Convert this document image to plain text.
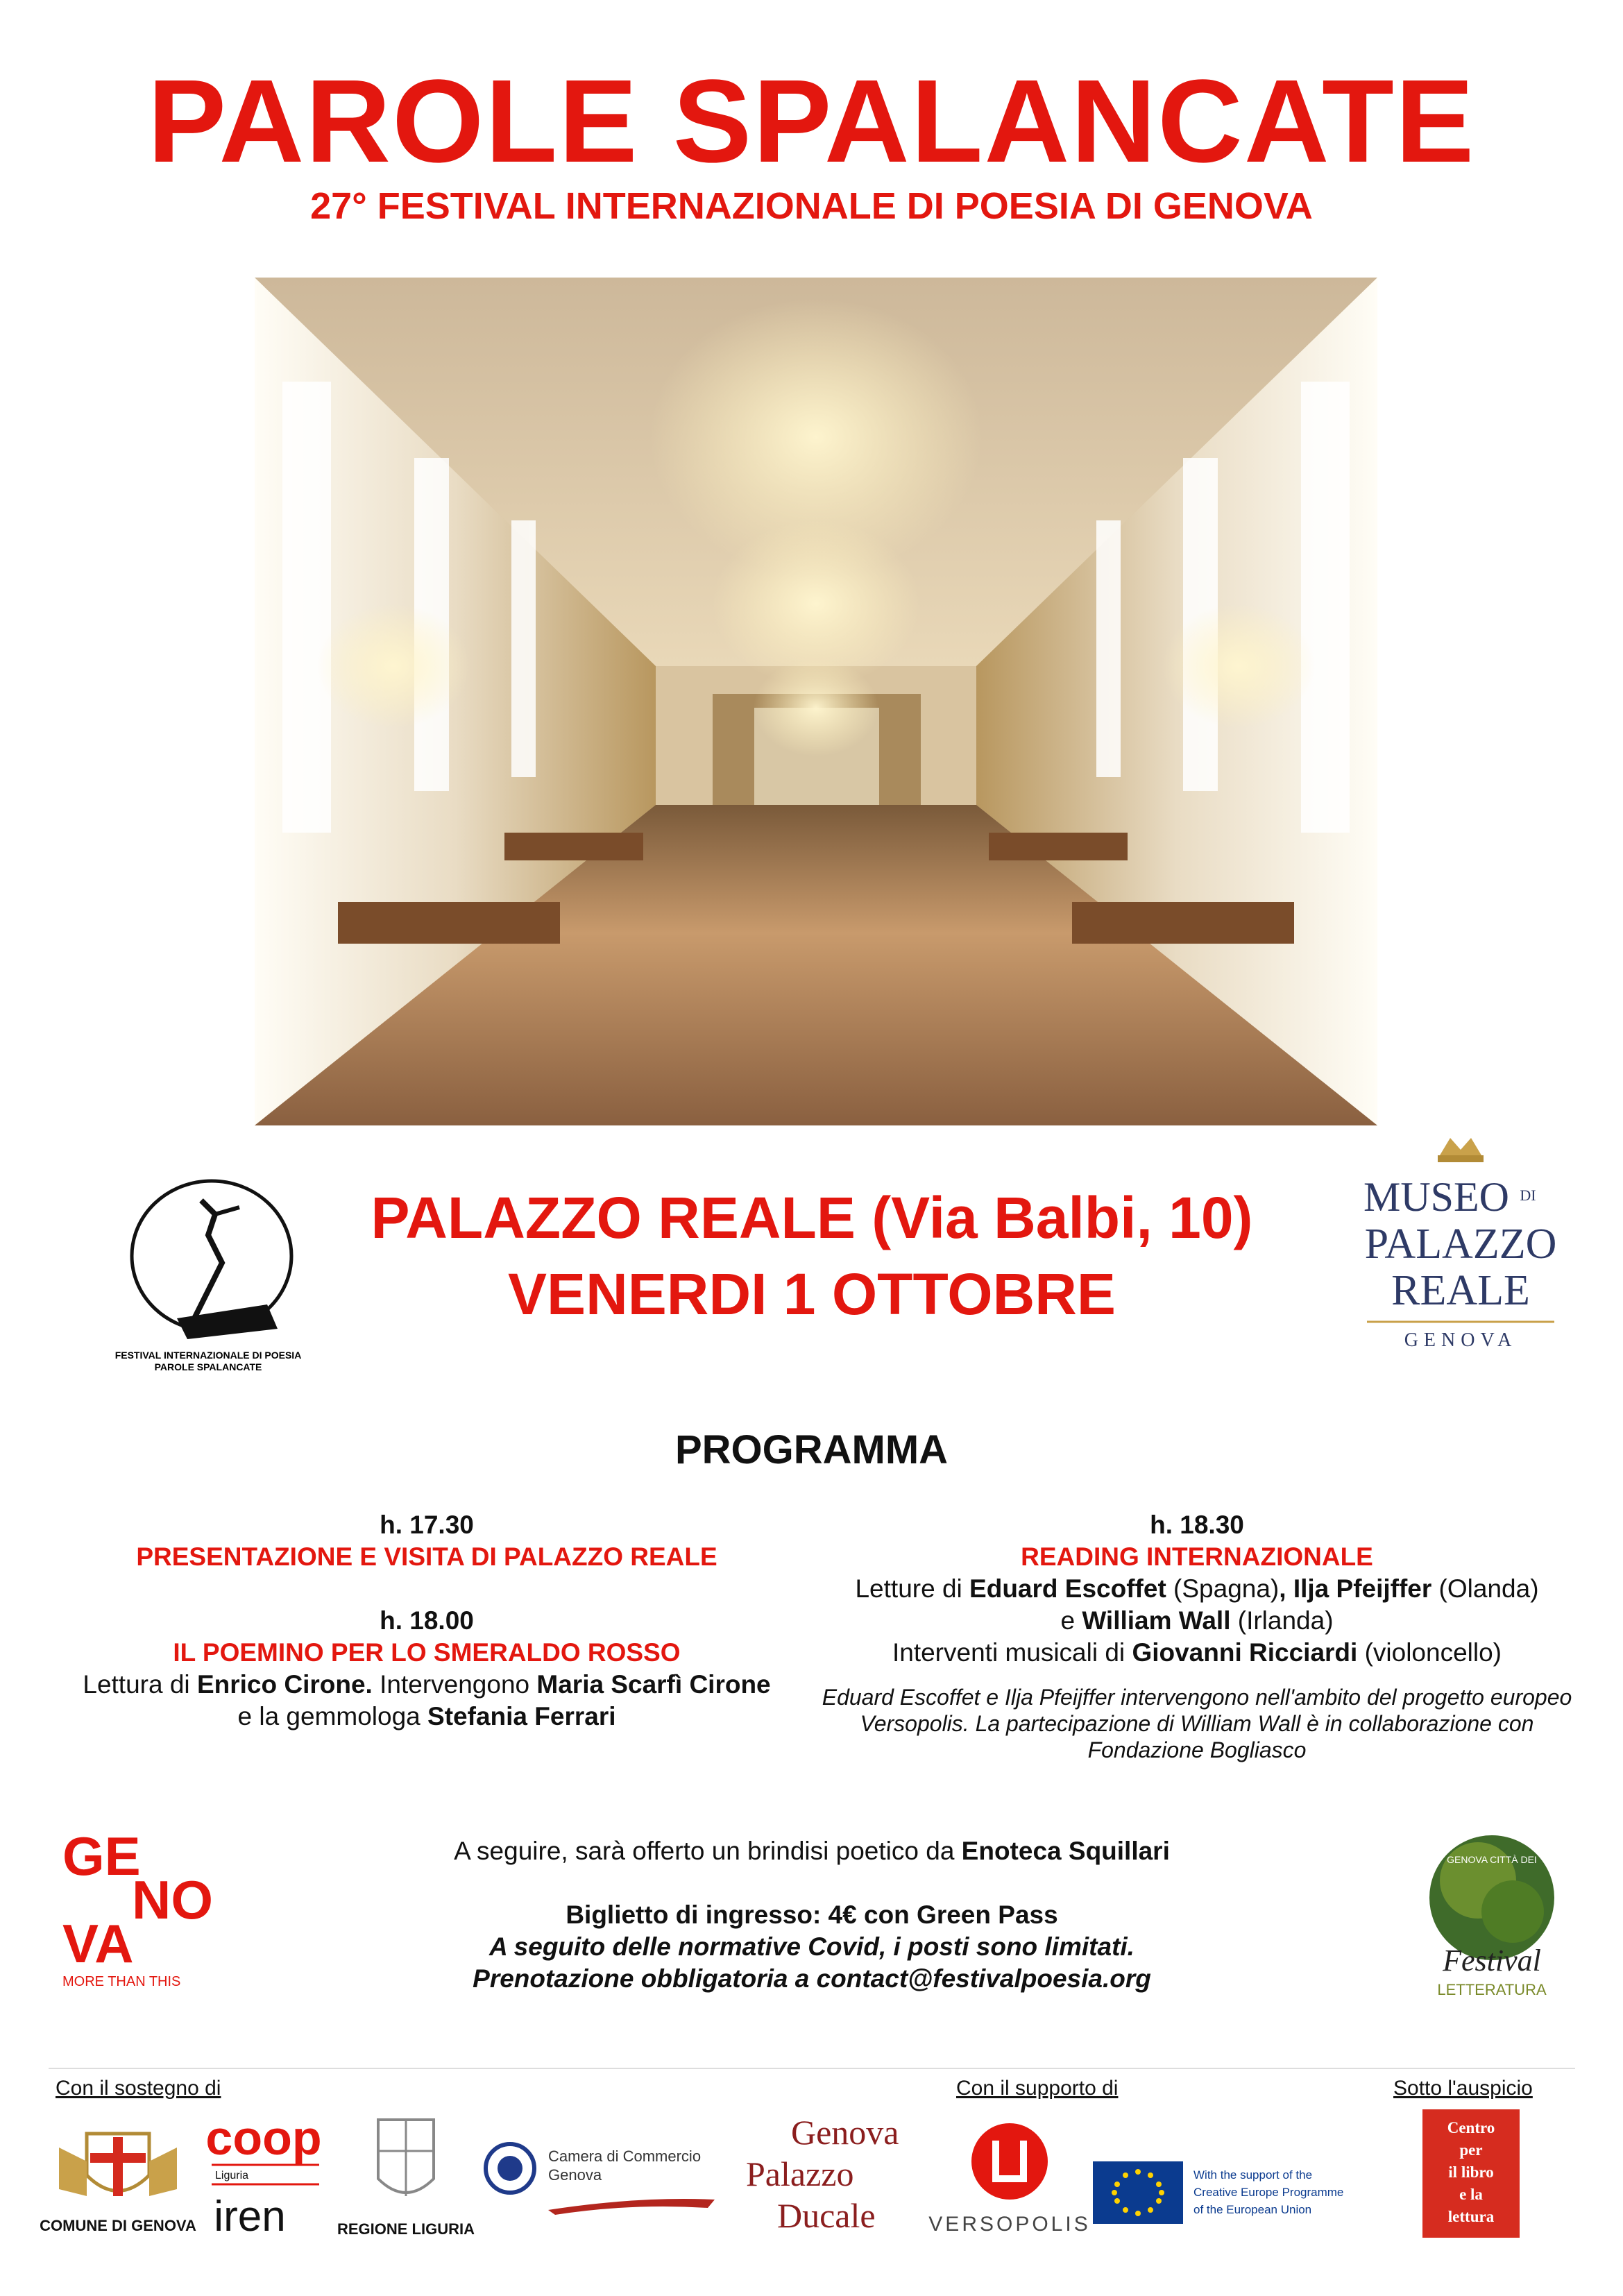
PAROLE SPALANCATE
27° FESTIVAL INTERNAZIONALE DI POESIA DI GENOVA
PALAZZO REALE (Via Balbi, 10)
VENERDI 1 OTTOBRE
FESTIVAL INTERNAZIONALE DI POESIA
PAROLE SPALANCATE
MUSEO DI
PALAZZO
REALE
GENOVA
PROGRAMMA
h. 17.30
PRESENTAZIONE E VISITA DI PALAZZO REALE
h. 18.00
IL POEMINO PER LO SMERALDO ROSSO
Lettura di Enrico Cirone. Intervengono Maria Scarfì Cirone
e la gemmologa Stefania Ferrari
h. 18.30
READING INTERNAZIONALE
Letture di Eduard Escoffet (Spagna), Ilja Pfeijffer (Olanda)
e William Wall (Irlanda)
Interventi musicali di Giovanni Ricciardi (violoncello)
Eduard Escoffet e Ilja Pfeijffer intervengono nell'ambito del progetto europeo Versopolis. La partecipazione di William Wall è in collaborazione con Fondazione Bogliasco
GE
NO
VA
MORE THAN THIS
A seguire, sarà offerto un brindisi poetico da Enoteca Squillari
Biglietto di ingresso: 4€ con Green Pass
A seguito delle normative Covid, i posti sono limitati.
Prenotazione obbligatoria a contact@festivalpoesia.org
GENOVA CITTÀ DEI
Festival
LETTERATURA
Con il sostegno di	Con il supporto di	Sotto l'auspicio
COMUNE DI GENOVA
coop
Liguria
iren	REGIONE LIGURIA
Camera di Commercio
Genova
Genova
Palazzo
Ducale	VERSOPOLIS
With the support of the
Creative Europe Programme
of the European Union
Centro
per
il libro
e la
lettura
